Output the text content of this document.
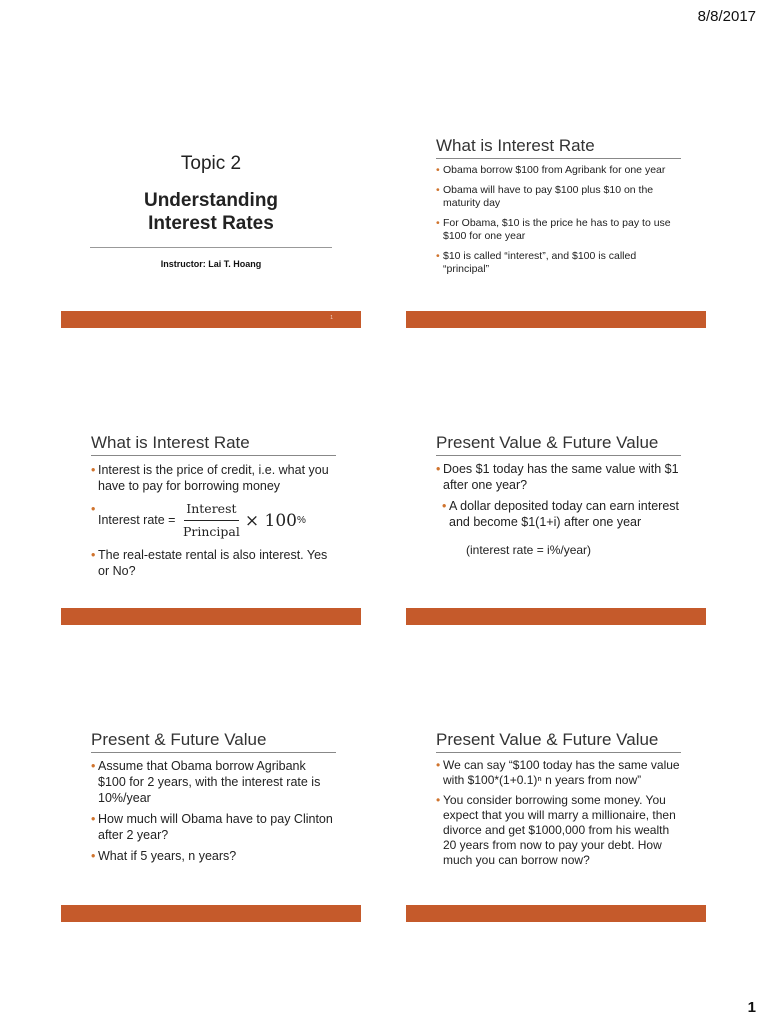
8/8/2017
Topic 2
Understanding
Interest Rates
Instructor: Lai T. Hoang
1
What is Interest Rate
• Obama borrow $100 from Agribank for one year
• Obama will have to pay $100 plus $10 on the maturity day
• For Obama, $10 is the price he has to pay to use $100 for one year
• $10 is called “interest”, and $100 is called “principal”
What is Interest Rate
• Interest is the price of credit, i.e. what you have to pay for borrowing money
• Interest rate = $\frac{\text{Interest}}{\text{Principal}} \times 100$ %
• The real-estate rental is also interest. Yes or No?
Present Value & Future Value
• Does $1 today has the same value with $1 after one year?
• A dollar deposited today can earn interest and become $1(1+i) after one year
(interest rate = i%/year)
Present & Future Value
• Assume that Obama borrow Agribank $100 for 2 years, with the interest rate is 10%/year
• How much will Obama have to pay Clinton after 2 year?
• What if 5 years, n years?
Present Value & Future Value
• We can say “$100 today has the same value with $100*(1+0.1)ⁿ n years from now”
• You consider borrowing some money. You expect that you will marry a millionaire, then divorce and get $1000,000 from his wealth 20 years from now to pay your debt. How much you can borrow now?
1
